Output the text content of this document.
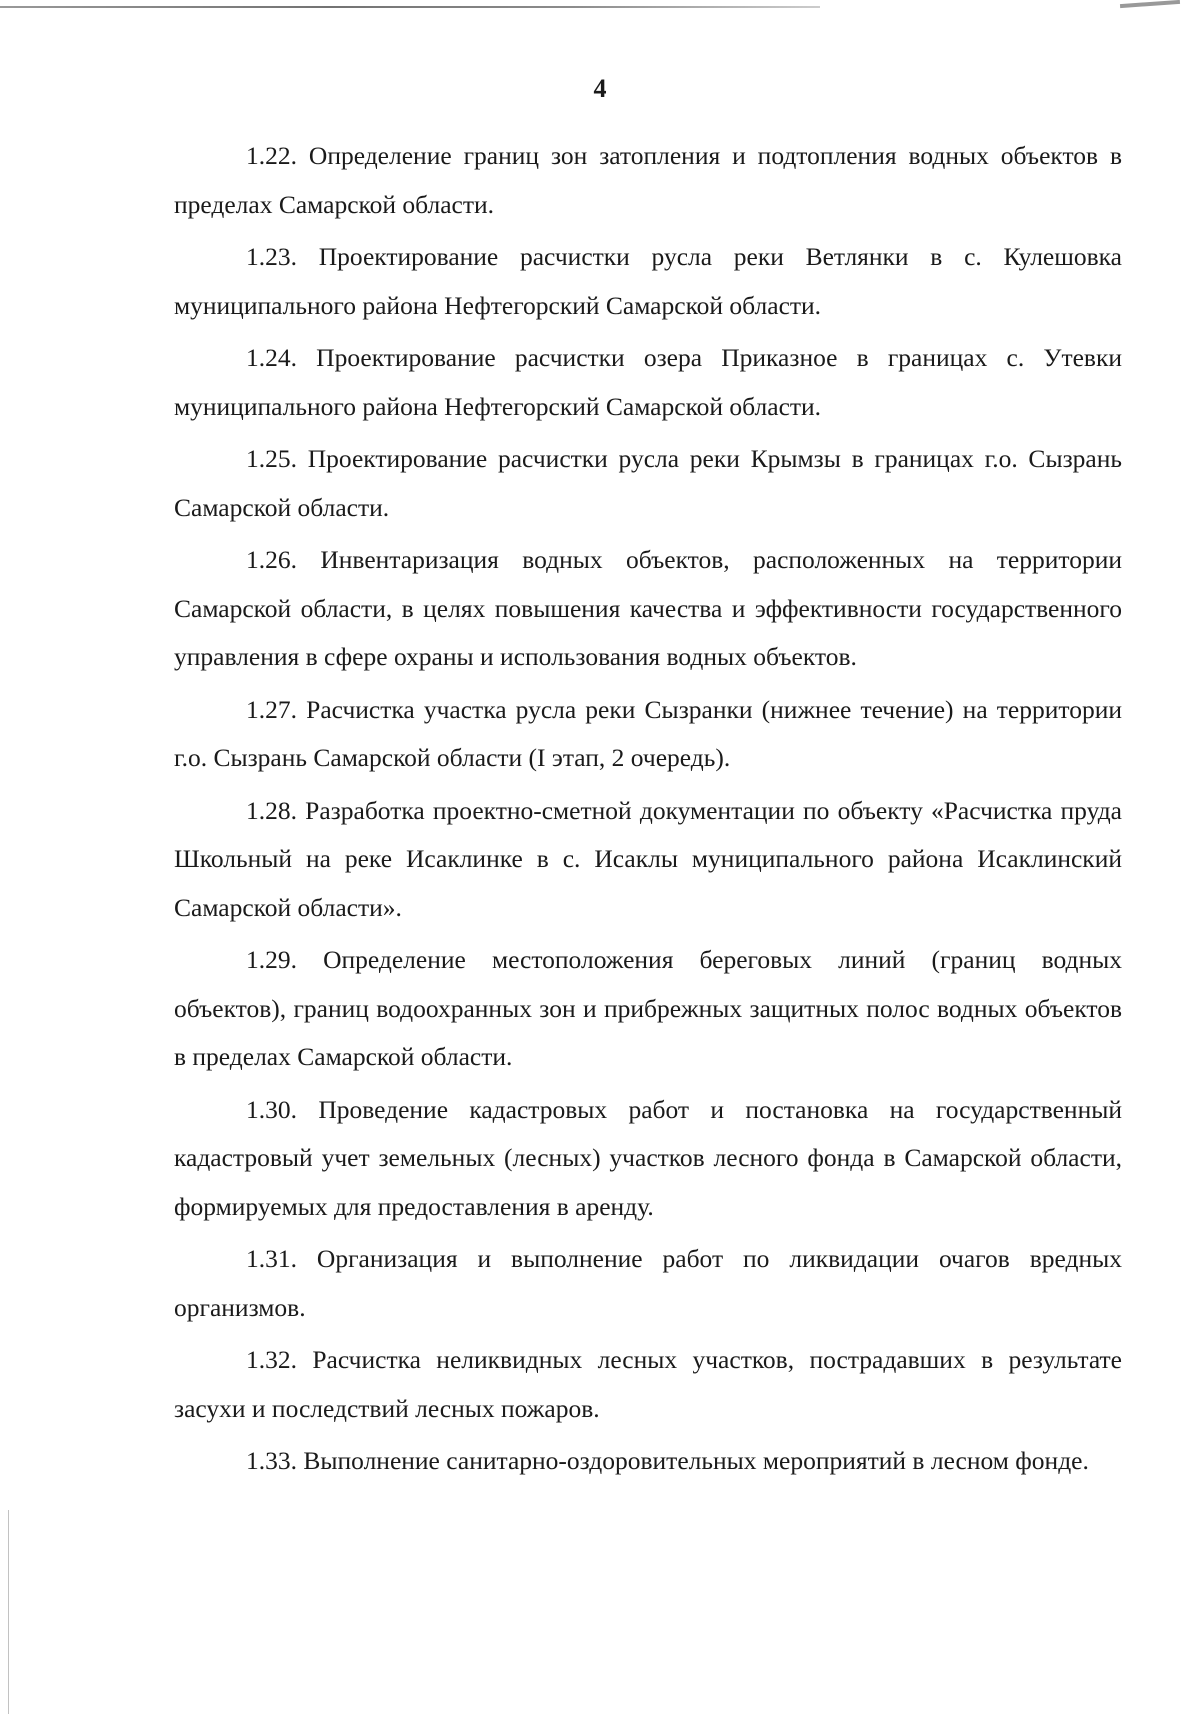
4

1.22. Определение границ зон затопления и подтопления водных объектов в пределах Самарской области.

1.23. Проектирование расчистки русла реки Ветлянки в с. Кулешовка муниципального района Нефтегорский Самарской области.

1.24. Проектирование расчистки озера Приказное в границах с. Утевки муниципального района Нефтегорский Самарской области.

1.25. Проектирование расчистки русла реки Крымзы в границах г.о. Сызрань Самарской области.

1.26. Инвентаризация водных объектов, расположенных на территории Самарской области, в целях повышения качества и эффективности государственного управления в сфере охраны и использования водных объектов.

1.27. Расчистка участка русла реки Сызранки (нижнее течение) на территории г.о. Сызрань Самарской области (I этап, 2 очередь).

1.28. Разработка проектно-сметной документации по объекту «Расчистка пруда Школьный на реке Исаклинке в с. Исаклы муниципального района Исаклинский Самарской области».

1.29. Определение местоположения береговых линий (границ водных объектов), границ водоохранных зон и прибрежных защитных полос водных объектов в пределах Самарской области.

1.30. Проведение кадастровых работ и постановка на государственный кадастровый учет земельных (лесных) участков лесного фонда в Самарской области, формируемых для предоставления в аренду.

1.31. Организация и выполнение работ по ликвидации очагов вредных организмов.

1.32. Расчистка неликвидных лесных участков, пострадавших в результате засухи и последствий лесных пожаров.

1.33. Выполнение санитарно-оздоровительных мероприятий в лесном фонде.
